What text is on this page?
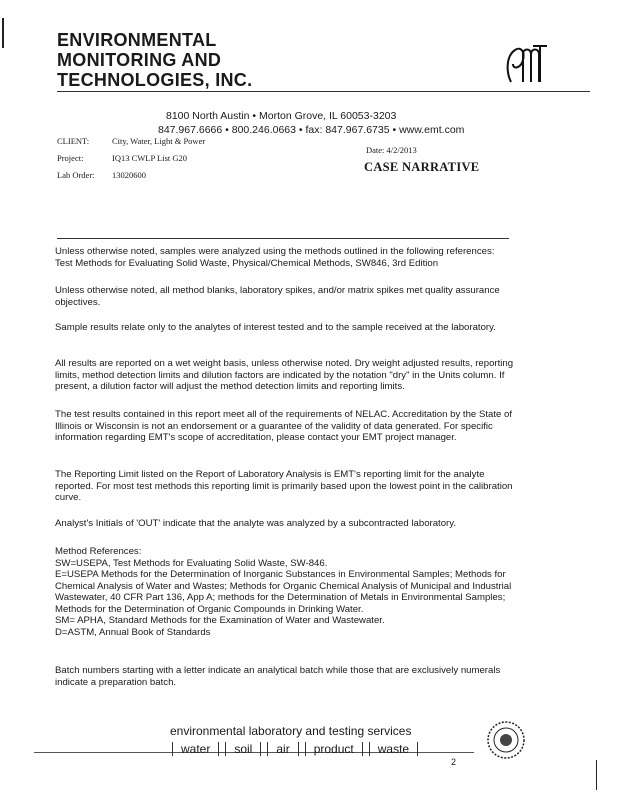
ENVIRONMENTAL
MONITORING AND
TECHNOLOGIES, INC.
8100 North Austin • Morton Grove, IL 60053-3203
847.967.6666 • 800.246.0663 • fax: 847.967.6735 • www.emt.com
CLIENT:	City, Water, Light & Power
Project:	IQ13 CWLP List G20
Lab Order: 13020600
Date: 4/2/2013
CASE NARRATIVE

Unless otherwise noted, samples were analyzed using the methods outlined in the following references:
Test Methods for Evaluating Solid Waste, Physical/Chemical Methods, SW846, 3rd Edition

Unless otherwise noted, all method blanks, laboratory spikes, and/or matrix spikes met quality assurance objectives.

Sample results relate only to the analytes of interest tested and to the sample received at the laboratory.

All results are reported on a wet weight basis, unless otherwise noted. Dry weight adjusted results, reporting limits, method detection limits and dilution factors are indicated by the notation "dry" in the Units column. If present, a dilution factor will adjust the method detection limits and reporting limits.

The test results contained in this report meet all of the requirements of NELAC. Accreditation by the State of Illinois or Wisconsin is not an endorsement or a guarantee of the validity of data generated. For specific information regarding EMT's scope of accreditation, please contact your EMT project manager.

The Reporting Limit listed on the Report of Laboratory Analysis is EMT's reporting limit for the analyte reported. For most test methods this reporting limit is primarily based upon the lowest point in the calibration curve.

Analyst's Initials of 'OUT' indicate that the analyte was analyzed by a subcontracted laboratory.

Method References:
SW=USEPA, Test Methods for Evaluating Solid Waste, SW-846.
E=USEPA Methods for the Determination of Inorganic Substances in Environmental Samples; Methods for Chemical Analysis of Water and Wastes; Methods for Organic Chemical Analysis of Municipal and Industrial Wastewater, 40 CFR Part 136, App A; methods for the Determination of Metals in Environmental Samples; Methods for the Determination of Organic Compounds in Drinking Water.
SM= APHA, Standard Methods for the Examination of Water and Wastewater.
D=ASTM, Annual Book of Standards

Batch numbers starting with a letter indicate an analytical batch while those that are exclusively numerals indicate a preparation batch.

environmental laboratory and testing services
water	soil	air	product	waste
2
